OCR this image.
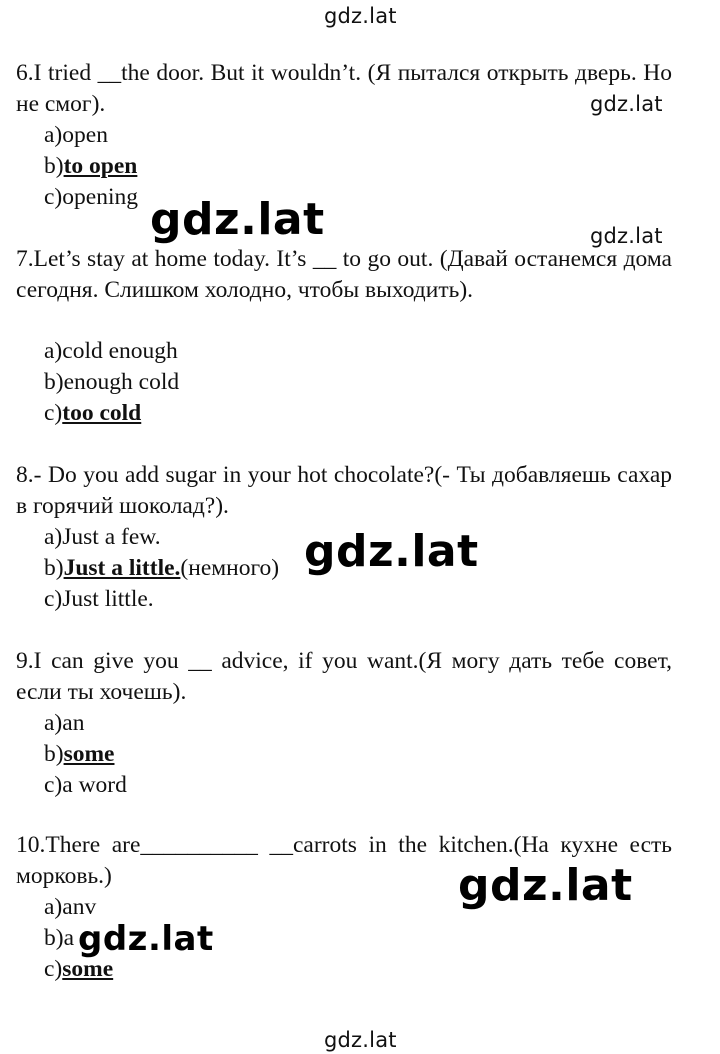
gdz.lat
6.I tried __the door. But it wouldn’t. (Я пытался открыть дверь. Но не смог).
a)open
b)to open
c)opening
gdz.lat
gdz.lat	gdz.lat
7.Let’s stay at home today. It’s __ to go out. (Давай останемся дома сегодня. Слишком холодно, чтобы выходить).
a)cold enough
b)enough cold
c)too cold
8.- Do you add sugar in your hot chocolate?(- Ты добавляешь сахар в горячий шоколад?).
a)Just a few.
b)Just a little.(немного)
c)Just little.
gdz.lat
9.I can give you __ advice, if you want.(Я могу дать тебе совет, если ты хочешь).
a)an
b)some
c)a word
10.There are__________ __carrots in the kitchen.(На кухне есть морковь.)
a)anv
b)a
c)some
gdz.lat
gdz.lat
gdz.lat
